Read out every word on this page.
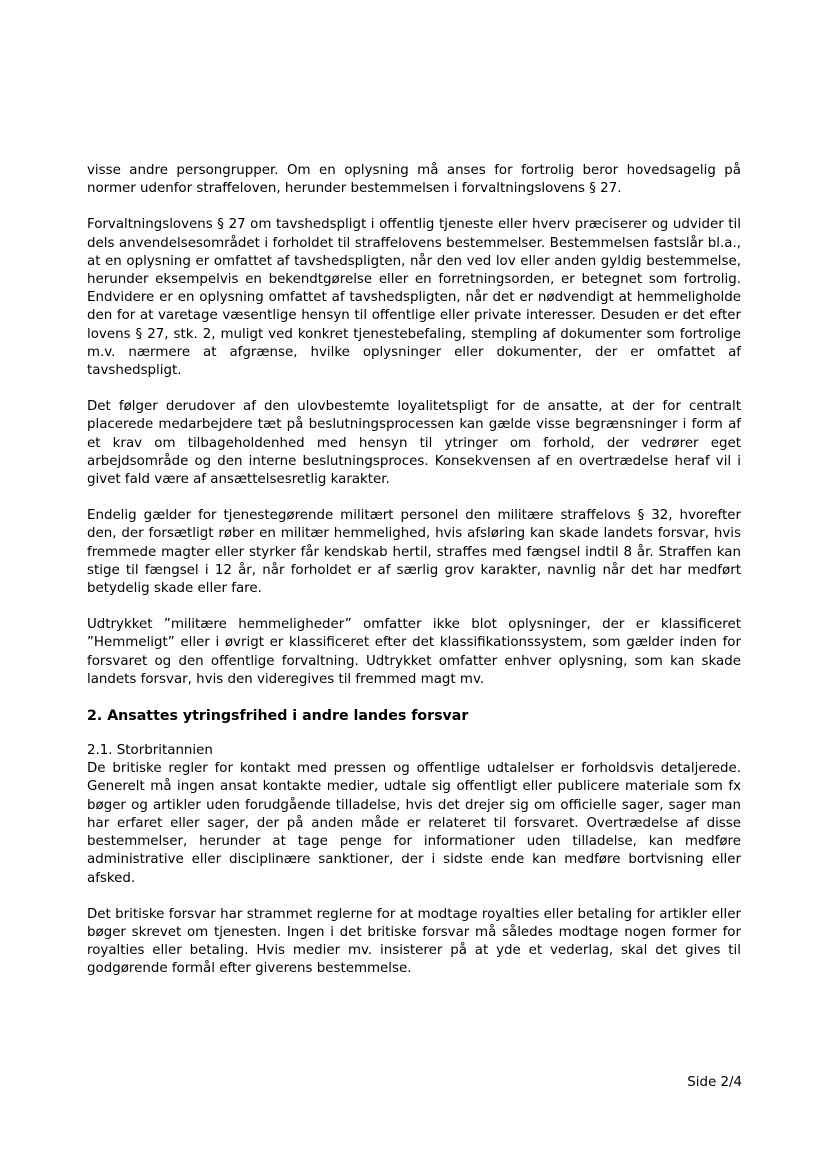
visse andre persongrupper. Om en oplysning må anses for fortrolig beror hovedsagelig på normer udenfor straffeloven, herunder bestemmelsen i forvaltningslovens § 27.

Forvaltningslovens § 27 om tavshedspligt i offentlig tjeneste eller hverv præciserer og udvider til dels anvendelsesområdet i forholdet til straffelovens bestemmelser. Bestemmelsen fastslår bl.a., at en oplysning er omfattet af tavshedspligten, når den ved lov eller anden gyldig bestemmelse, herunder eksempelvis en bekendtgørelse eller en forretningsorden, er betegnet som fortrolig. Endvidere er en oplysning omfattet af tavshedspligten, når det er nødvendigt at hemmeligholde den for at varetage væsentlige hensyn til offentlige eller private interesser. Desuden er det efter lovens § 27, stk. 2, muligt ved konkret tjenestebefaling, stempling af dokumenter som fortrolige m.v. nærmere at afgrænse, hvilke oplysninger eller dokumenter, der er omfattet af tavshedspligt.

Det følger derudover af den ulovbestemte loyalitetspligt for de ansatte, at der for centralt placerede medarbejdere tæt på beslutningsprocessen kan gælde visse begrænsninger i form af et krav om tilbageholdenhed med hensyn til ytringer om forhold, der vedrører eget arbejdsområde og den interne beslutningsproces. Konsekvensen af en overtrædelse heraf vil i givet fald være af ansættelsesretlig karakter.

Endelig gælder for tjenestegørende militært personel den militære straffelovs § 32, hvorefter den, der forsætligt røber en militær hemmelighed, hvis afsløring kan skade landets forsvar, hvis fremmede magter eller styrker får kendskab hertil, straffes med fængsel indtil 8 år. Straffen kan stige til fængsel i 12 år, når forholdet er af særlig grov karakter, navnlig når det har medført betydelig skade eller fare.

Udtrykket ”militære hemmeligheder” omfatter ikke blot oplysninger, der er klassificeret ”Hemmeligt” eller i øvrigt er klassificeret efter det klassifikationssystem, som gælder inden for forsvaret og den offentlige forvaltning. Udtrykket omfatter enhver oplysning, som kan skade landets forsvar, hvis den videregives til fremmed magt mv.

2. Ansattes ytringsfrihed i andre landes forsvar

2.1. Storbritannien

De britiske regler for kontakt med pressen og offentlige udtalelser er forholdsvis detaljerede. Generelt må ingen ansat kontakte medier, udtale sig offentligt eller publicere materiale som fx bøger og artikler uden forudgående tilladelse, hvis det drejer sig om officielle sager, sager man har erfaret eller sager, der på anden måde er relateret til forsvaret. Overtrædelse af disse bestemmelser, herunder at tage penge for informationer uden tilladelse, kan medføre administrative eller disciplinære sanktioner, der i sidste ende kan medføre bortvisning eller afsked.

Det britiske forsvar har strammet reglerne for at modtage royalties eller betaling for artikler eller bøger skrevet om tjenesten. Ingen i det britiske forsvar må således modtage nogen former for royalties eller betaling. Hvis medier mv. insisterer på at yde et vederlag, skal det gives til godgørende formål efter giverens bestemmelse.

Side 2/4
